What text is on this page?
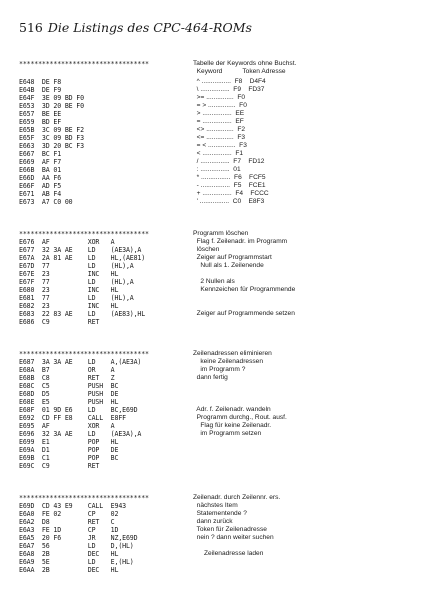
516 Die Listings des CPC-464-ROMs
**********************************	Tabelle der Keywords ohne Buchst.
Keyword           Token Adresse
E648  DE F8	^ ................  F8    D4F4
E64B  DE F9	\ ................  F9    FD37
E64F  3E 09 BD F0	>= ...............  F0
E653  3D 20 BE F0	= > ...............  F0
E657  BE EE	> ................  EE
E659  BD EF	= ................  EF
E65B  3C 09 BE F2	<> ...............  F2
E65F  3C 09 BD F3	<= ...............  F3
E663  3D 20 BC F3	= < ...............  F3
E667  BC F1	< ................  F1
E669  AF F7	/ ................  F7    FD12
E66B  BA 01	: ................  01
E66D  AA F6	* ................  F6    FCF5
E66F  AD F5	- ................  F5    FCE1
E671  AB F4	+ ................  F4    FCCC
E673  A7 C0 00	' ................  C0    E8F3
**********************************	Programm löschen
E676  AF          XOR   A	Flag f. Zeilenadr. im Programm
E677  32 3A AE    LD    (AE3A),A	löschen
E67A  2A 81 AE    LD    HL,(AE81)	Zeiger auf Programmstart
E67D  77          LD    (HL),A	Null als 1. Zeilenende
E67E  23          INC   HL
E67F  77          LD    (HL),A	2 Nullen als
E680  23          INC   HL	Kennzeichen für Programmende
E681  77          LD    (HL),A
E682  23          INC   HL
E683  22 83 AE    LD    (AE83),HL	Zeiger auf Programmende setzen
E686  C9          RET
**********************************	Zeilenadressen eliminieren
E687  3A 3A AE    LD    A,(AE3A)	keine Zeilenadressen
E68A  B7          OR    A	im Programm ?
E68B  C8          RET   Z	dann fertig
E68C  C5          PUSH  BC
E68D  D5          PUSH  DE
E68E  E5          PUSH  HL
E68F  01 9D E6    LD    BC,E69D	Adr. f. Zeilenadr. wandeln
E692  CD FF E8    CALL  E8FF	Programm durchg., Rout. ausf.
E695  AF          XOR   A	Flag für keine Zeilenadr.
E696  32 3A AE    LD    (AE3A),A	im Programm setzen
E699  E1          POP   HL
E69A  D1          POP   DE
E69B  C1          POP   BC
E69C  C9          RET
**********************************	Zeilenadr. durch Zeilennr. ers.
E69D  CD 43 E9    CALL  E943	nächstes Item
E6A0  FE 02       CP    02	Statementende ?
E6A2  D8          RET   C	dann zurück
E6A3  FE 1D       CP    1D	Token für Zeilenadresse
E6A5  20 F6       JR    NZ,E69D	nein ? dann weiter suchen
E6A7  56          LD    D,(HL)
E6A8  2B          DEC   HL	Zeilenadresse laden
E6A9  5E          LD    E,(HL)
E6AA  2B          DEC   HL
